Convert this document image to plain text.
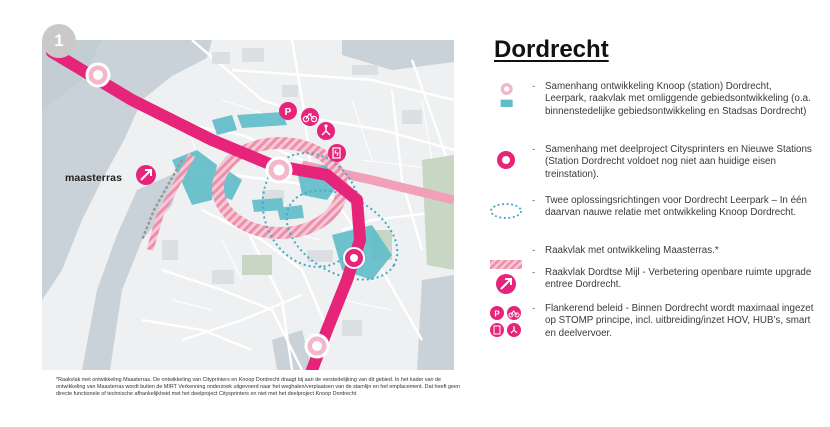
1
P
maasterras
*Raakvlak met ontwikkeling Maasterras. De ontwikkeling van Cityprinters en Knoop Dordrecht draagt bij aan de verstedelijking van dit gebied. In het kader van de ontwikkeling van Maasterras wordt buiten de MIRT Verkenning onderzoek uitgevoerd naar het weghalen/verplaatsen van de stamlijn en het emplacement. Dat heeft geen directe functionele of technische afhankelijkheid met het deelproject Citysprinters en niet met het deelproject Knoop Dordrecht
Dordrecht
- Samenhang ontwikkeling Knoop (station) Dordrecht, Leerpark, raakvlak met omliggende gebiedsontwikkeling (o.a. binnenstedelijke gebiedsontwikkeling en Stadsas Dordrecht)
- Samenhang met deelproject Citysprinters en Nieuwe Stations (Station Dordrecht voldoet nog niet aan huidige eisen treinstation).
- Twee oplossingsrichtingen voor Dordrecht Leerpark – In één daarvan nauwe relatie met ontwikkeling Knoop Dordrecht.
- Raakvlak met ontwikkeling Maasterras.*
- Raakvlak Dordtse Mijl - Verbetering openbare ruimte upgrade entree Dordrecht.
P	- Flankerend beleid - Binnen Dordrecht wordt maximaal ingezet op STOMP principe, incl. uitbreiding/inzet HOV, HUB’s, smart en deelvervoer.
